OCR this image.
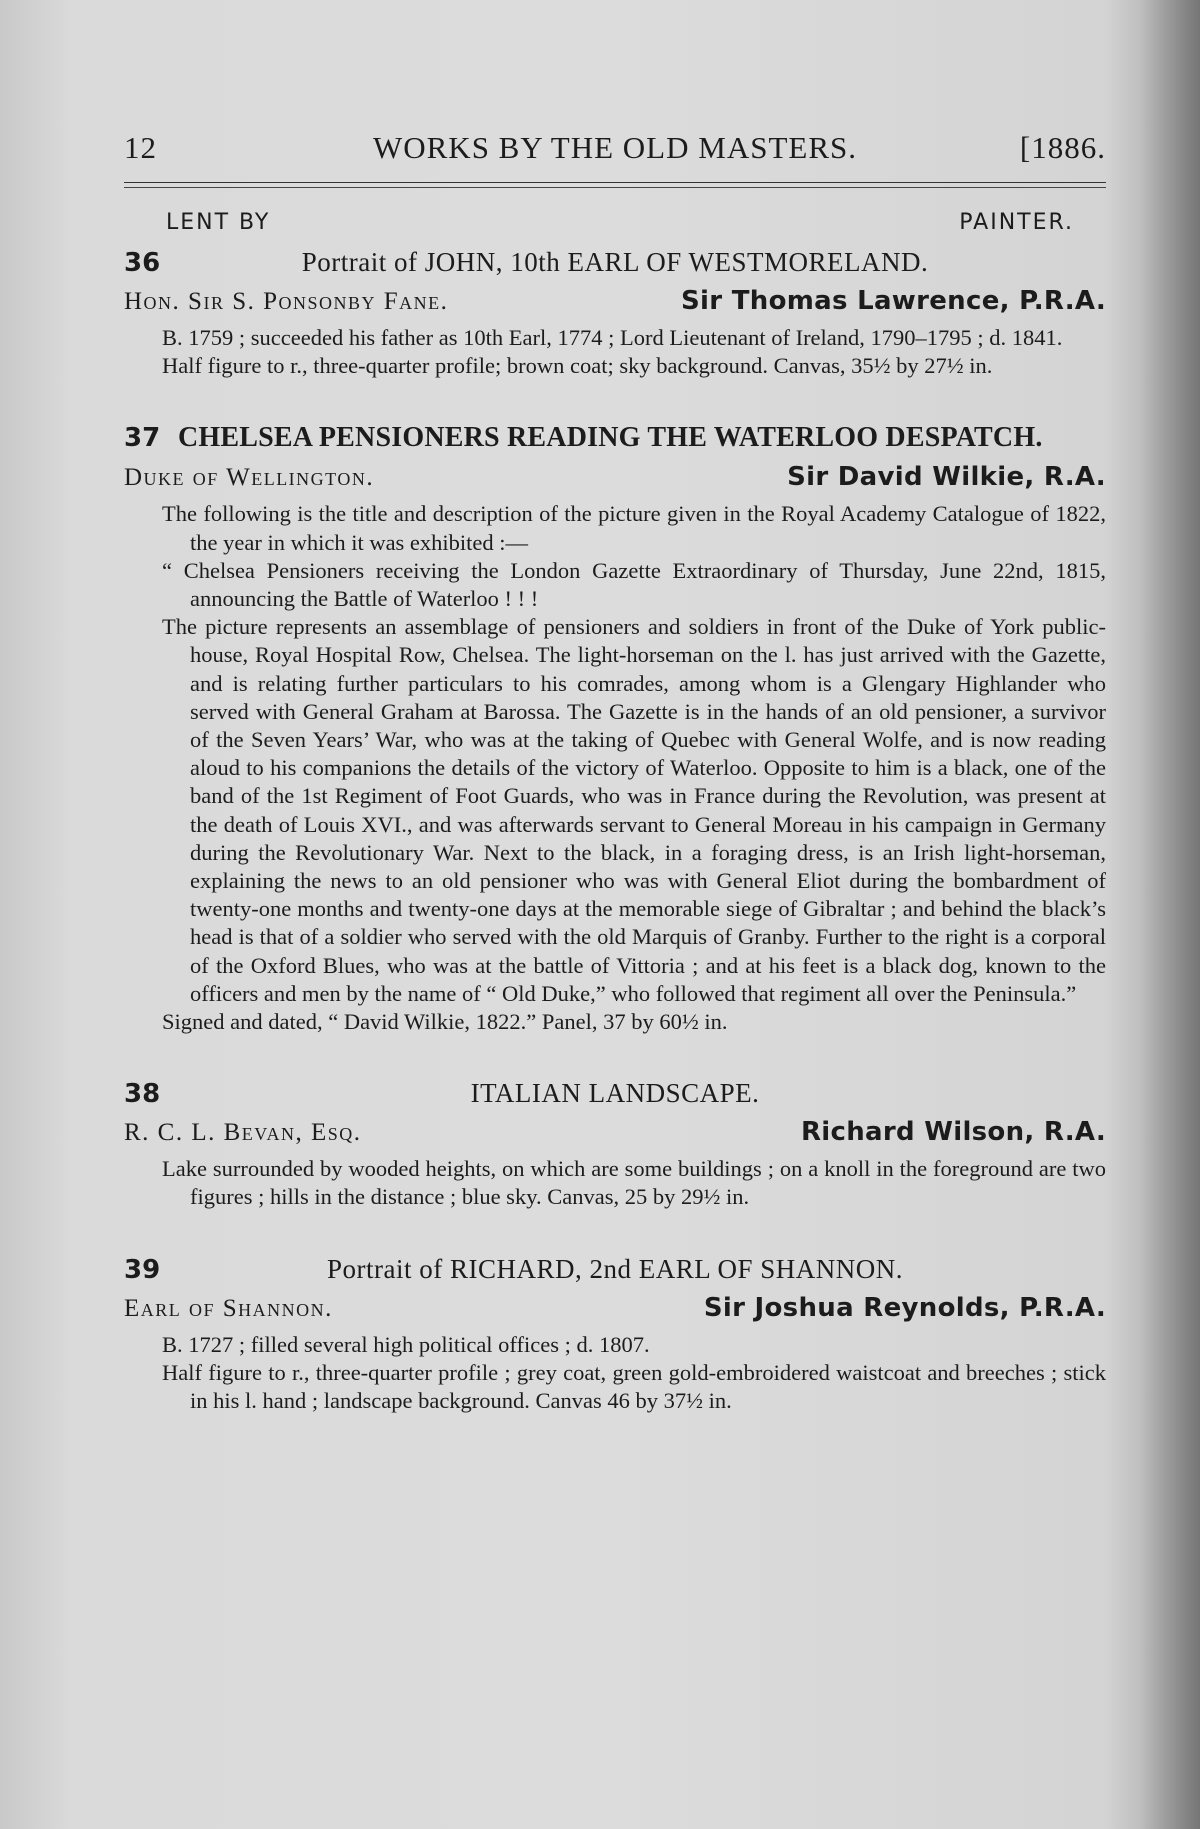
12	WORKS BY THE OLD MASTERS.	[1886.
LENT BY	PAINTER.
36	Portrait of JOHN, 10th EARL OF WESTMORELAND.
Hon. Sir S. Ponsonby Fane.	Sir Thomas Lawrence, P.R.A.

B. 1759 ; succeeded his father as 10th Earl, 1774 ; Lord Lieutenant of Ireland, 1790–1795 ; d. 1841.

Half figure to r., three-quarter profile; brown coat; sky background. Canvas, 35½ by 27½ in.

37 CHELSEA PENSIONERS READING THE WATERLOO DESPATCH.
Duke of Wellington.	Sir David Wilkie, R.A.

The following is the title and description of the picture given in the Royal Academy Catalogue of 1822, the year in which it was exhibited :—

“ Chelsea Pensioners receiving the London Gazette Extraordinary of Thursday, June 22nd, 1815, announcing the Battle of Waterloo ! ! !

The picture represents an assemblage of pensioners and soldiers in front of the Duke of York public-house, Royal Hospital Row, Chelsea. The light-horseman on the l. has just arrived with the Gazette, and is relating further particulars to his comrades, among whom is a Glengary Highlander who served with General Graham at Barossa. The Gazette is in the hands of an old pensioner, a survivor of the Seven Years’ War, who was at the taking of Quebec with General Wolfe, and is now reading aloud to his companions the details of the victory of Waterloo. Opposite to him is a black, one of the band of the 1st Regiment of Foot Guards, who was in France during the Revolution, was present at the death of Louis XVI., and was afterwards servant to General Moreau in his campaign in Germany during the Revolutionary War. Next to the black, in a foraging dress, is an Irish light-horseman, explaining the news to an old pensioner who was with General Eliot during the bombardment of twenty-one months and twenty-one days at the memorable siege of Gibraltar ; and behind the black’s head is that of a soldier who served with the old Marquis of Granby. Further to the right is a corporal of the Oxford Blues, who was at the battle of Vittoria ; and at his feet is a black dog, known to the officers and men by the name of “ Old Duke,” who followed that regiment all over the Peninsula.”

Signed and dated, “ David Wilkie, 1822.” Panel, 37 by 60½ in.

38	ITALIAN LANDSCAPE.
R. C. L. Bevan, Esq.	Richard Wilson, R.A.

Lake surrounded by wooded heights, on which are some buildings ; on a knoll in the foreground are two figures ; hills in the distance ; blue sky. Canvas, 25 by 29½ in.

39	Portrait of RICHARD, 2nd EARL OF SHANNON.
Earl of Shannon.	Sir Joshua Reynolds, P.R.A.

B. 1727 ; filled several high political offices ; d. 1807.

Half figure to r., three-quarter profile ; grey coat, green gold-embroidered waistcoat and breeches ; stick in his l. hand ; landscape background. Canvas 46 by 37½ in.
